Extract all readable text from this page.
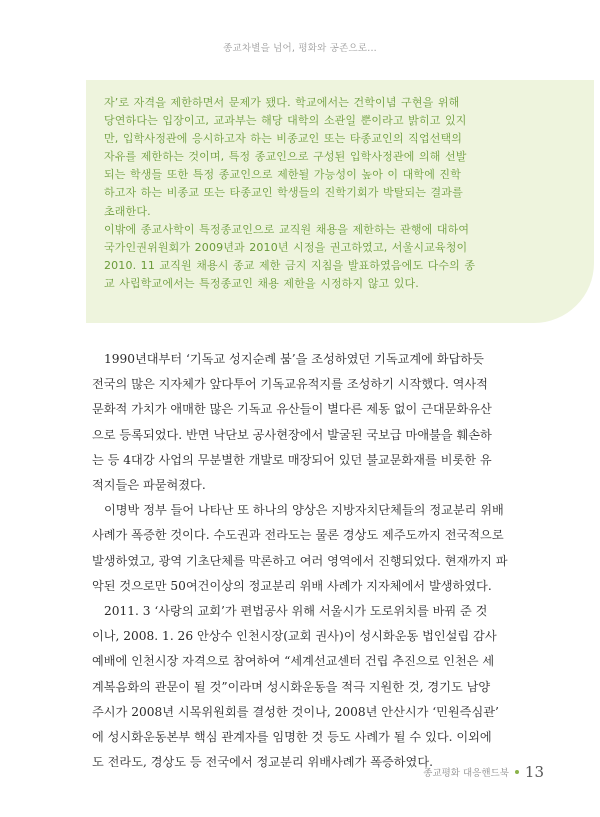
종교차별을 넘어, 평화와 공존으로...
자’로 자격을 제한하면서 문제가 됐다. 학교에서는 건학이념 구현을 위해
당연하다는 입장이고, 교과부는 해당 대학의 소관일 뿐이라고 밝히고 있지
만, 입학사정관에 응시하고자 하는 비종교인 또는 타종교인의 직업선택의
자유를 제한하는 것이며, 특정 종교인으로 구성된 입학사정관에 의해 선발
되는 학생들 또한 특정 종교인으로 제한될 가능성이 높아 이 대학에 진학
하고자 하는 비종교 또는 타종교인 학생들의 진학기회가 박탈되는 결과를
초래한다.
이밖에 종교사학이 특정종교인으로 교직원 채용을 제한하는 관행에 대하여
국가인권위원회가 2009년과 2010년 시정을 권고하였고, 서울시교육청이
2010. 11 교직원 채용시 종교 제한 금지 지침을 발표하였음에도 다수의 종
교 사립학교에서는 특정종교인 채용 제한을 시정하지 않고 있다.
1990년대부터 ‘기독교 성지순례 붐’을 조성하였던 기독교계에 화답하듯
전국의 많은 지자체가 앞다투어 기독교유적지를 조성하기 시작했다. 역사적
문화적 가치가 애매한 많은 기독교 유산들이 별다른 제동 없이 근대문화유산
으로 등록되었다. 반면 낙단보 공사현장에서 발굴된 국보급 마애불을 훼손하
는 등 4대강 사업의 무분별한 개발로 매장되어 있던 불교문화재를 비롯한 유
적지들은 파묻혀졌다.
이명박 정부 들어 나타난 또 하나의 양상은 지방자치단체들의 정교분리 위배
사례가 폭증한 것이다. 수도권과 전라도는 물론 경상도 제주도까지 전국적으로
발생하였고, 광역 기초단체를 막론하고 여러 영역에서 진행되었다. 현재까지 파
악된 것으로만 50여건이상의 정교분리 위배 사례가 지자체에서 발생하였다.
2011. 3 ‘사랑의 교회’가 편법공사 위해 서울시가 도로위치를 바꿔 준 것
이나, 2008. 1. 26 안상수 인천시장(교회 권사)이 성시화운동 법인설립 감사
예배에 인천시장 자격으로 참여하여 “세계선교센터 건립 추진으로 인천은 세
계복음화의 관문이 될 것”이라며 성시화운동을 적극 지원한 것, 경기도 남양
주시가 2008년 시목위원회를 결성한 것이나, 2008년 안산시가 ‘민원즉심관’
에 성시화운동본부 핵심 관계자를 임명한 것 등도 사례가 될 수 있다. 이외에
도 전라도, 경상도 등 전국에서 정교분리 위배사례가 폭증하였다.
종교평화 대응핸드북 13
